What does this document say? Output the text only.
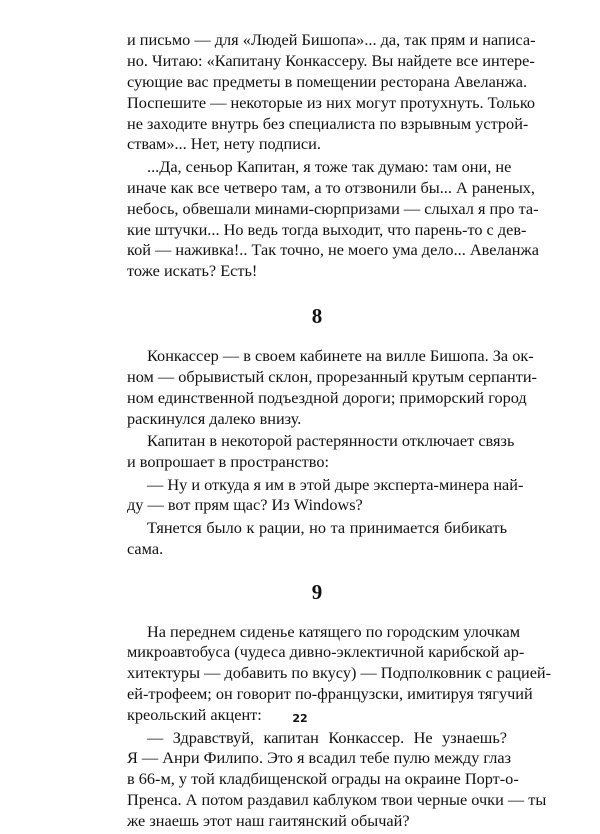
и письмо — для «Людей Бишопа»... да, так прям и написа-
но. Читаю: «Капитану Конкассеру. Вы найдете все интере-
сующие вас предметы в помещении ресторана Авеланжа.
Поспешите — некоторые из них могут протухнуть. Только
не заходите внутрь без специалиста по взрывным устрой-
ствам»... Нет, нету подписи.
...Да, сеньор Капитан, я тоже так думаю: там они, не
иначе как все четверо там, а то отзвонили бы... А раненых,
небось, обвешали минами-сюрпризами — слыхал я про та-
кие штучки... Но ведь тогда выходит, что парень-то с дев-
кой — наживка!.. Так точно, не моего ума дело... Авеланжа
тоже искать? Есть!
8
Конкассер — в своем кабинете на вилле Бишопа. За ок-
ном — обрывистый склон, прорезанный крутым серпанти-
ном единственной подъездной дороги; приморский город
раскинулся далеко внизу.
Капитан в некоторой растерянности отключает связь
и вопрошает в пространство:
— Ну и откуда я им в этой дыре эксперта-минера най-
ду — вот прям щас? Из Windows?
Тянется было к рации, но та принимается бибикать
сама.
9
На переднем сиденье катящего по городским улочкам
микроавтобуса (чудеса дивно-эклектичной карибской ар-
хитектуры — добавить по вкусу) — Подполковник с рацией-
ей-трофеем; он говорит по-французски, имитируя тягучий
креольский акцент:
— Здравствуй, капитан Конкассер. Не узнаешь?
Я — Анри Филипо. Это я всадил тебе пулю между глаз
в 66-м, у той кладбищенской ограды на окраине Порт-о-
Пренса. А потом раздавил каблуком твои черные очки — ты
же знаешь этот наш гаитянский обычай?
22
